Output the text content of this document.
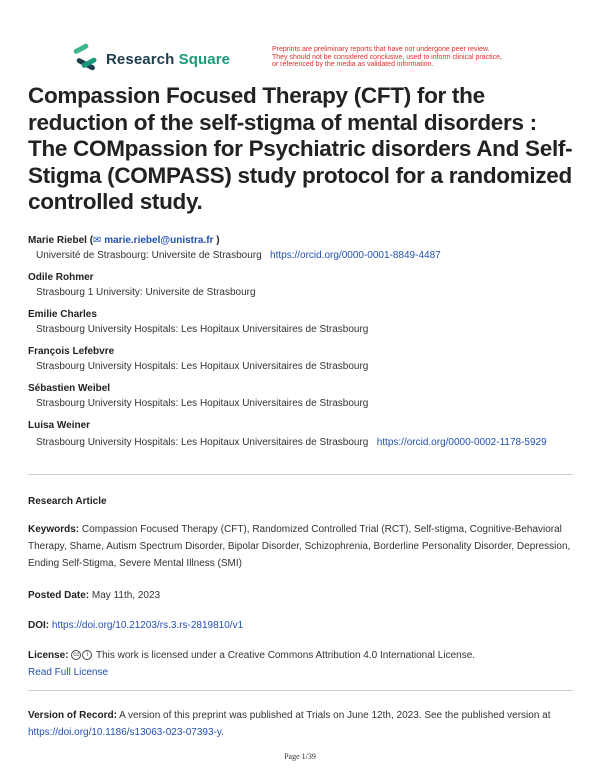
Research Square
Preprints are preliminary reports that have not undergone peer review.
They should not be considered conclusive, used to inform clinical practice,
or referenced by the media as validated information.
Compassion Focused Therapy (CFT) for the reduction of the self-stigma of mental disorders : The COMpassion for Psychiatric disorders And Self-Stigma (COMPASS) study protocol for a randomized controlled study.
Marie Riebel (✉ marie.riebel@unistra.fr )
Université de Strasbourg: Universite de Strasbourg https://orcid.org/0000-0001-8849-4487
Odile Rohmer
Strasbourg 1 University: Universite de Strasbourg
Emilie Charles
Strasbourg University Hospitals: Les Hopitaux Universitaires de Strasbourg
François Lefebvre
Strasbourg University Hospitals: Les Hopitaux Universitaires de Strasbourg
Sébastien Weibel
Strasbourg University Hospitals: Les Hopitaux Universitaires de Strasbourg
Luisa Weiner
Strasbourg University Hospitals: Les Hopitaux Universitaires de Strasbourg https://orcid.org/0000-0002-1178-5929
Research Article
Keywords: Compassion Focused Therapy (CFT), Randomized Controlled Trial (RCT), Self-stigma, Cognitive-Behavioral Therapy, Shame, Autism Spectrum Disorder, Bipolar Disorder, Schizophrenia, Borderline Personality Disorder, Depression, Ending Self-Stigma, Severe Mental Illness (SMI)
Posted Date: May 11th, 2023
DOI: https://doi.org/10.21203/rs.3.rs-2819810/v1
License: cc i This work is licensed under a Creative Commons Attribution 4.0 International License.
Read Full License
Version of Record: A version of this preprint was published at Trials on June 12th, 2023. See the published version at https://doi.org/10.1186/s13063-023-07393-y.
Page 1/39
